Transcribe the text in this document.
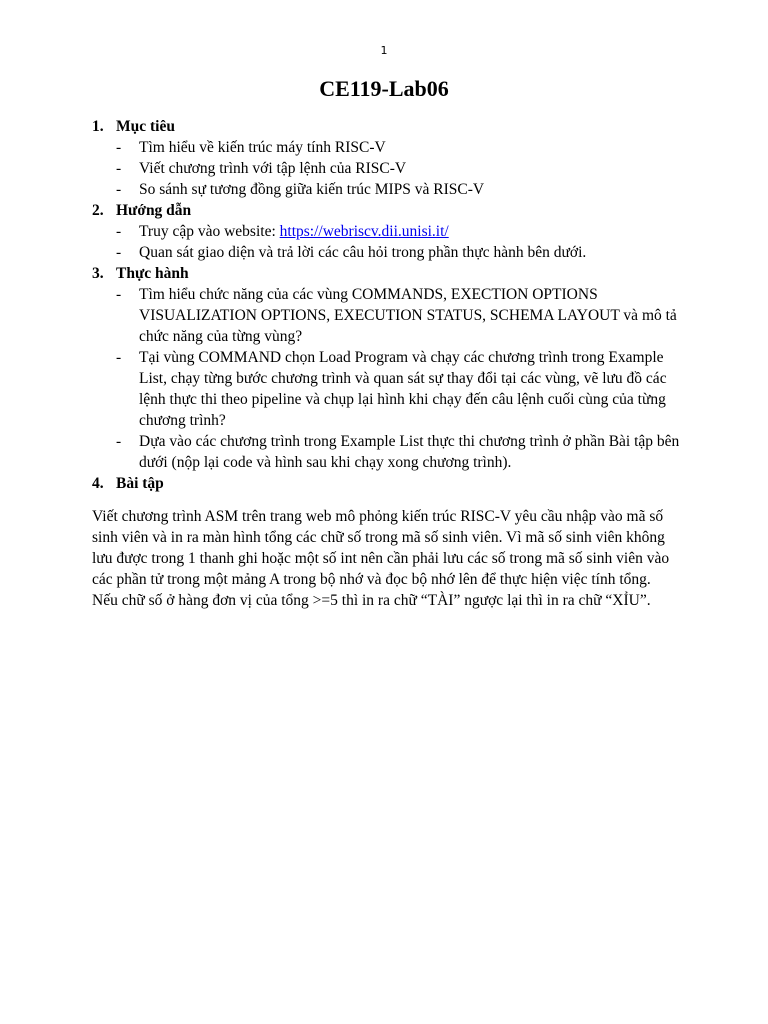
1
CE119-Lab06
1. Mục tiêu
-	Tìm hiểu về kiến trúc máy tính RISC-V
-	Viết chương trình với tập lệnh của RISC-V
-	So sánh sự tương đồng giữa kiến trúc MIPS và RISC-V
2. Hướng dẫn
-	Truy cập vào website: https://webriscv.dii.unisi.it/
-	Quan sát giao diện và trả lời các câu hỏi trong phần thực hành bên dưới.
3. Thực hành
-	Tìm hiểu chức năng của các vùng COMMANDS, EXECTION OPTIONS VISUALIZATION OPTIONS, EXECUTION STATUS, SCHEMA LAYOUT và mô tả chức năng của từng vùng?
-	Tại vùng COMMAND chọn Load Program và chạy các chương trình trong Example List, chạy từng bước chương trình và quan sát sự thay đổi tại các vùng, vẽ lưu đồ các lệnh thực thi theo pipeline và chụp lại hình khi chạy đến câu lệnh cuối cùng của từng chương trình?
-	Dựa vào các chương trình trong Example List thực thi chương trình ở phần Bài tập bên dưới (nộp lại code và hình sau khi chạy xong chương trình).
4. Bài tập

Viết chương trình ASM trên trang web mô phỏng kiến trúc RISC-V yêu cầu nhập vào mã số sinh viên và in ra màn hình tổng các chữ số trong mã số sinh viên. Vì mã số sinh viên không lưu được trong 1 thanh ghi hoặc một số int nên cần phải lưu các số trong mã số sinh viên vào các phần tử trong một mảng A trong bộ nhớ và đọc bộ nhớ lên để thực hiện việc tính tổng. Nếu chữ số ở hàng đơn vị của tổng >=5 thì in ra chữ “TÀI” ngược lại thì in ra chữ “XỈU”.
